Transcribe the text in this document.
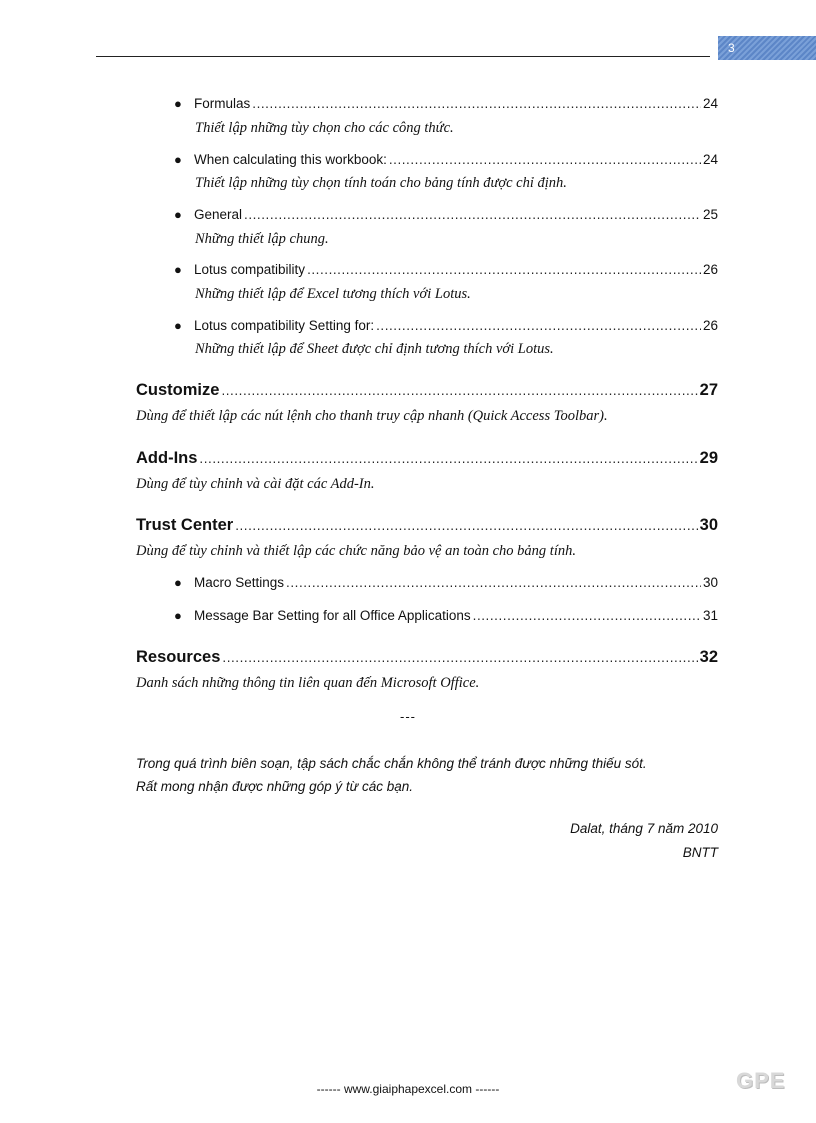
3
● Formulas . . .	24
Thiết lập những tùy chọn cho các công thức.
● When calculating this workbook: . . .	24
Thiết lập những tùy chọn tính toán cho bảng tính được chỉ định.
● General . . .	25
Những thiết lập chung.
● Lotus compatibility . . .	26
Những thiết lập để Excel tương thích với Lotus.
● Lotus compatibility Setting for: . . .	26
Những thiết lập để Sheet được chỉ định tương thích với Lotus.
Customize . . .	27
Dùng để thiết lập các nút lệnh cho thanh truy cập nhanh (Quick Access Toolbar).
Add-Ins . . .	29
Dùng để tùy chỉnh và cài đặt các Add-In.
Trust Center . . .	30
Dùng để tùy chỉnh và thiết lập các chức năng bảo vệ an toàn cho bảng tính.
● Macro Settings . . .	30
● Message Bar Setting for all Office Applications . . .	31
Resources . . .	32
Danh sách những thông tin liên quan đến Microsoft Office.
---
Trong quá trình biên soạn, tập sách chắc chắn không thể tránh được những thiếu sót.
Rất mong nhận được những góp ý từ các bạn.
Dalat, tháng 7 năm 2010
BNTT
------ www.giaiphapexcel.com ------	GPE
